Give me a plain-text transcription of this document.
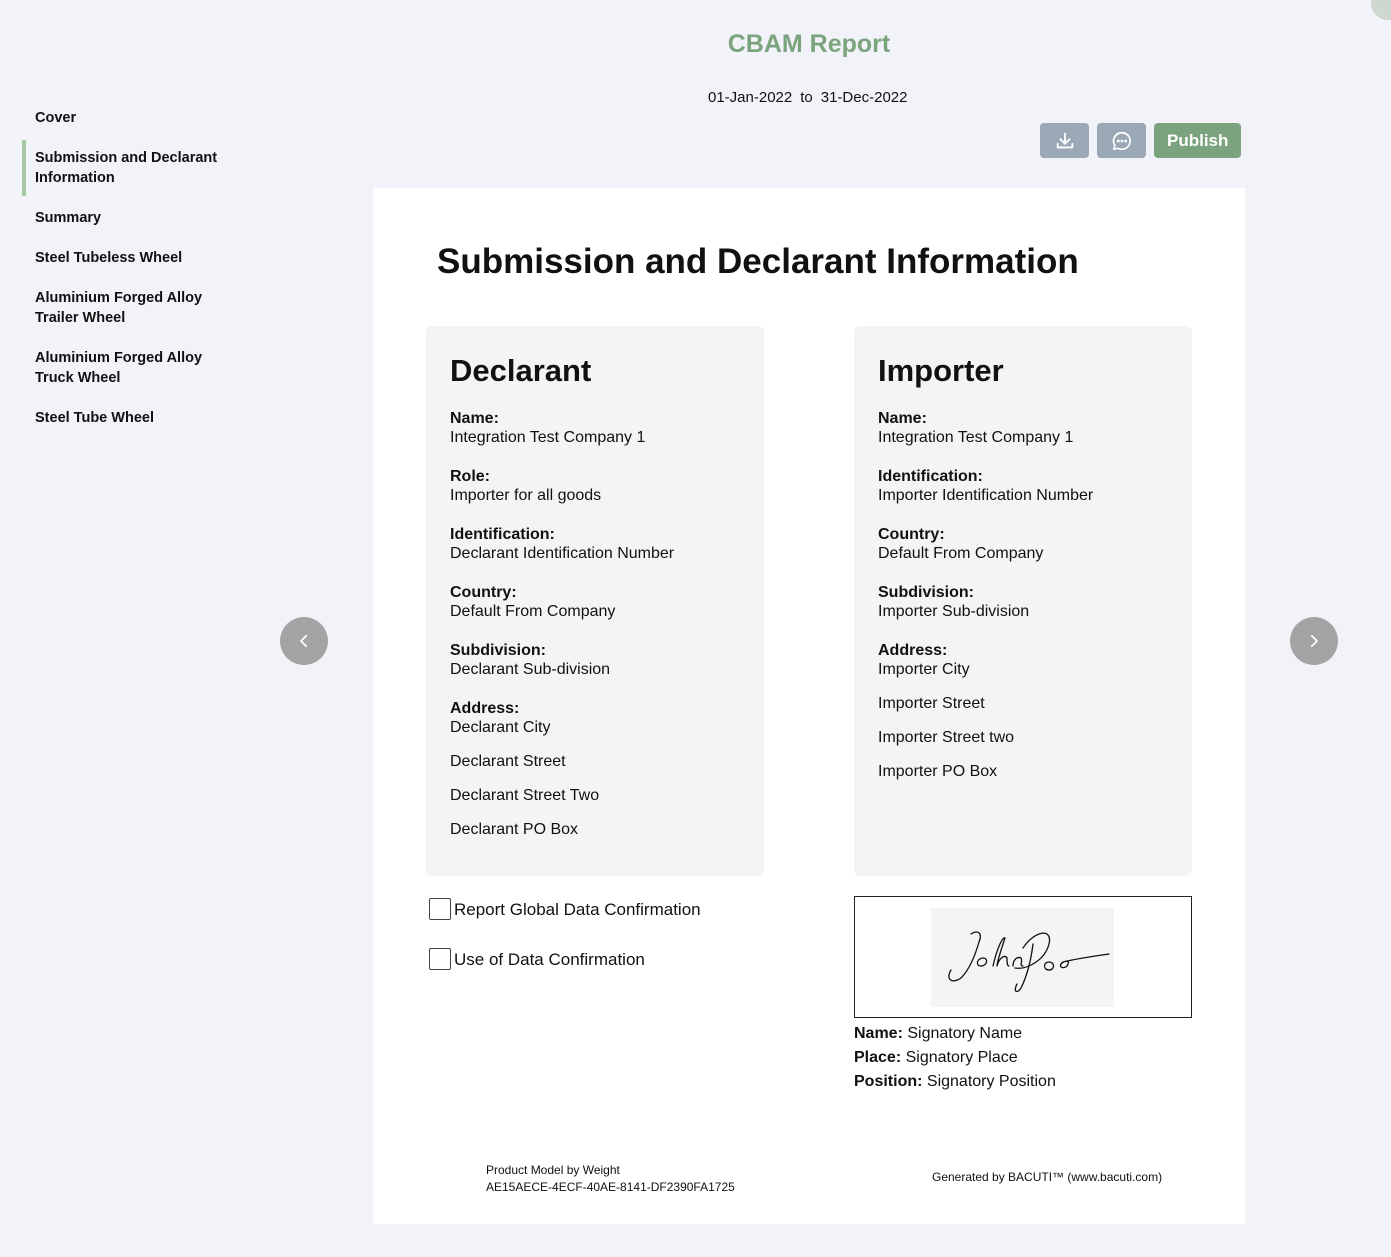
CBAM Report
01-Jan-2022 to 31-Dec-2022
Cover
Submission and Declarant Information
Summary
Steel Tubeless Wheel
Aluminium Forged Alloy Trailer Wheel
Aluminium Forged Alloy Truck Wheel
Steel Tube Wheel
Publish
Submission and Declarant Information
Declarant
Name:
Integration Test Company 1
Role:
Importer for all goods
Identification:
Declarant Identification Number
Country:
Default From Company
Subdivision:
Declarant Sub-division
Address:
Declarant City
Declarant Street
Declarant Street Two
Declarant PO Box
Importer
Name:
Integration Test Company 1
Identification:
Importer Identification Number
Country:
Default From Company
Subdivision:
Importer Sub-division
Address:
Importer City
Importer Street
Importer Street two
Importer PO Box
Report Global Data Confirmation
Use of Data Confirmation
Name: Signatory Name
Place: Signatory Place
Position: Signatory Position
Product Model by Weight
AE15AECE-4ECF-40AE-8141-DF2390FA1725
Generated by BACUTI™ (www.bacuti.com)
